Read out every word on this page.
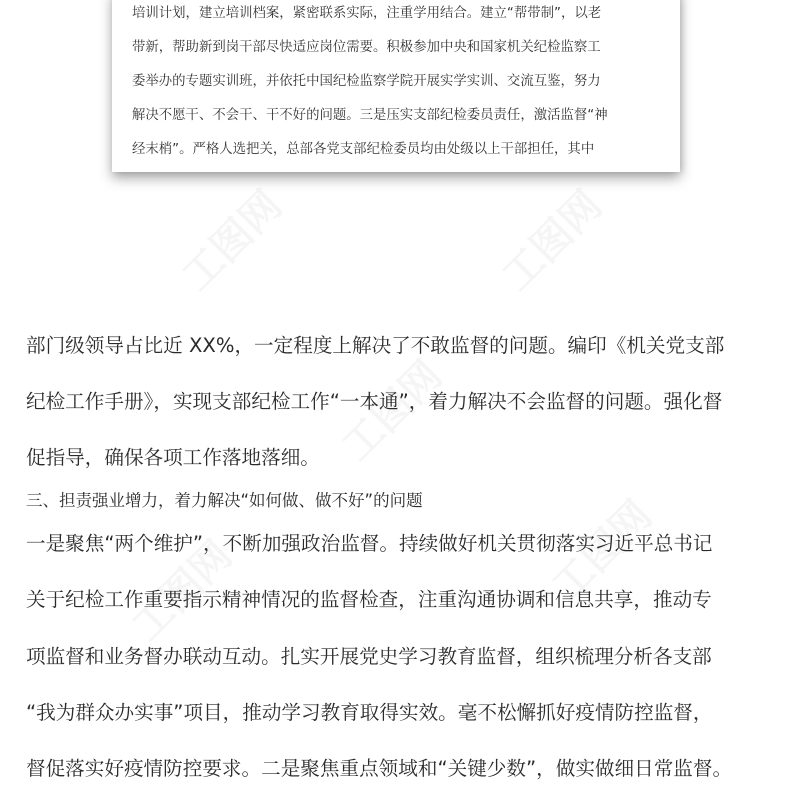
工图网	工图网
工图网
工图网	工图网
培训计划，建立培训档案，紧密联系实际，注重学用结合。建立“帮带制”，以老
带新，帮助新到岗干部尽快适应岗位需要。积极参加中央和国家机关纪检监察工
委举办的专题实训班，并依托中国纪检监察学院开展实学实训、交流互鉴，努力
解决不愿干、不会干、干不好的问题。三是压实支部纪检委员责任，激活监督“神
经末梢”。严格人选把关，总部各党支部纪检委员均由处级以上干部担任，其中
部门级领导占比近 XX%，一定程度上解决了不敢监督的问题。编印《机关党支部
纪检工作手册》，实现支部纪检工作“一本通”，着力解决不会监督的问题。强化督
促指导，确保各项工作落地落细。
三、担责强业增力，着力解决“如何做、做不好”的问题
一是聚焦“两个维护”，不断加强政治监督。持续做好机关贯彻落实习近平总书记
关于纪检工作重要指示精神情况的监督检查，注重沟通协调和信息共享，推动专
项监督和业务督办联动互动。扎实开展党史学习教育监督，组织梳理分析各支部
“我为群众办实事”项目，推动学习教育取得实效。毫不松懈抓好疫情防控监督，
督促落实好疫情防控要求。二是聚焦重点领域和“关键少数”，做实做细日常监督。
